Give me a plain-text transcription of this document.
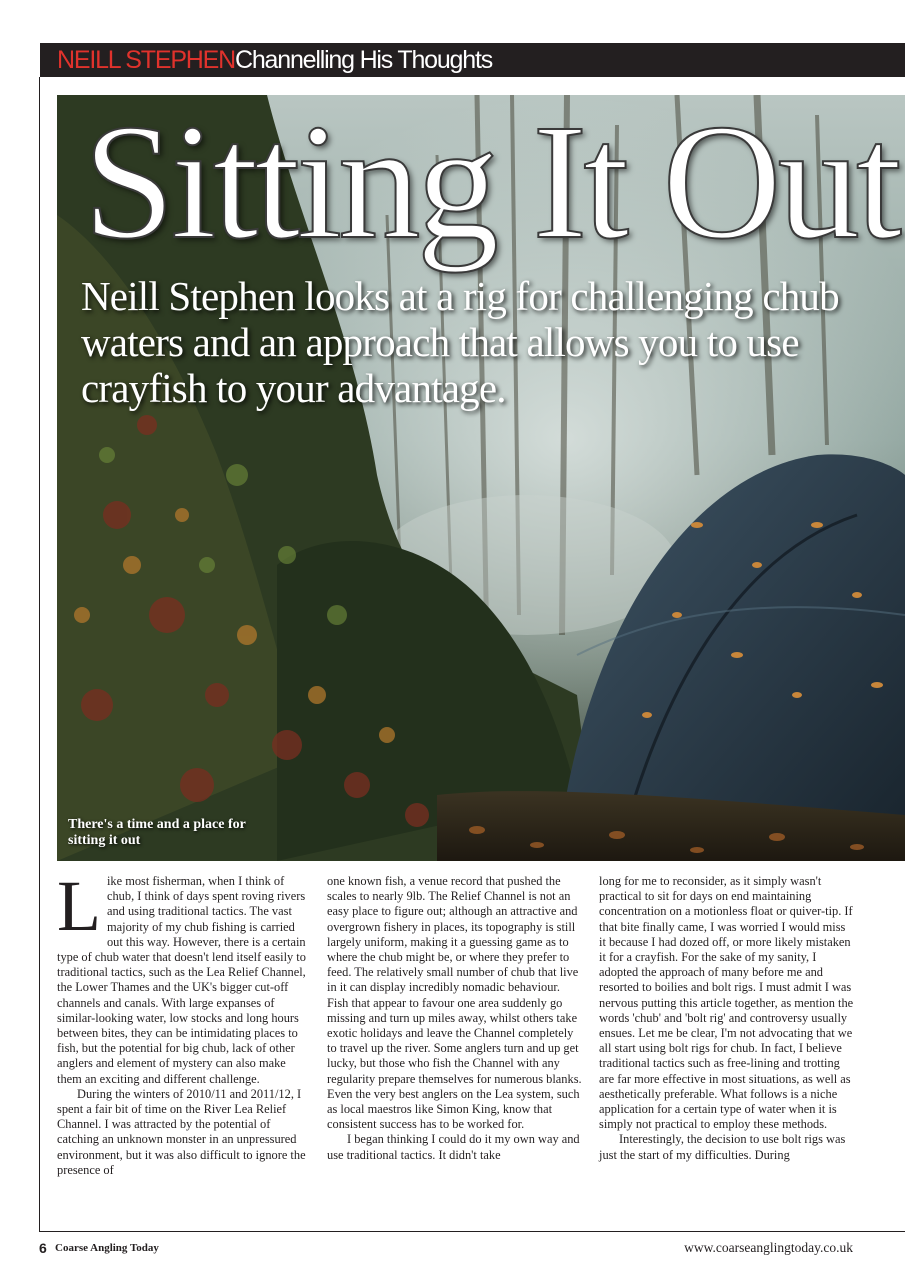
NEILL STEPHENChannelling His Thoughts
Sitting It Out
Neill Stephen looks at a rig for challenging chub waters and an approach that allows you to use crayfish to your advantage.
There's a time and a place for sitting it out
L ike most fisherman, when I think of chub, I think of days spent roving rivers and using traditional tactics. The vast majority of my chub fishing is carried out this way. However, there is a certain type of chub water that doesn't lend itself easily to traditional tactics, such as the Lea Relief Channel, the Lower Thames and the UK's bigger cut-off channels and canals. With large expanses of similar-looking water, low stocks and long hours between bites, they can be intimidating places to fish, but the potential for big chub, lack of other anglers and element of mystery can also make them an exciting and different challenge.

During the winters of 2010/11 and 2011/12, I spent a fair bit of time on the River Lea Relief Channel. I was attracted by the potential of catching an unknown monster in an unpressured environment, but it was also difficult to ignore the presence of

one known fish, a venue record that pushed the scales to nearly 9lb. The Relief Channel is not an easy place to figure out; although an attractive and overgrown fishery in places, its topography is still largely uniform, making it a guessing game as to where the chub might be, or where they prefer to feed. The relatively small number of chub that live in it can display incredibly nomadic behaviour. Fish that appear to favour one area suddenly go missing and turn up miles away, whilst others take exotic holidays and leave the Channel completely to travel up the river. Some anglers turn and up get lucky, but those who fish the Channel with any regularity prepare themselves for numerous blanks. Even the very best anglers on the Lea system, such as local maestros like Simon King, know that consistent success has to be worked for.

I began thinking I could do it my own way and use traditional tactics. It didn't take

long for me to reconsider, as it simply wasn't practical to sit for days on end maintaining concentration on a motionless float or quiver-tip. If that bite finally came, I was worried I would miss it because I had dozed off, or more likely mistaken it for a crayfish. For the sake of my sanity, I adopted the approach of many before me and resorted to boilies and bolt rigs. I must admit I was nervous putting this article together, as mention the words 'chub' and 'bolt rig' and controversy usually ensues. Let me be clear, I'm not advocating that we all start using bolt rigs for chub. In fact, I believe traditional tactics such as free-lining and trotting are far more effective in most situations, as well as aesthetically preferable. What follows is a niche application for a certain type of water when it is simply not practical to employ these methods.

Interestingly, the decision to use bolt rigs was just the start of my difficulties. During

6 Coarse Angling Today	www.coarseanglingtoday.co.uk
